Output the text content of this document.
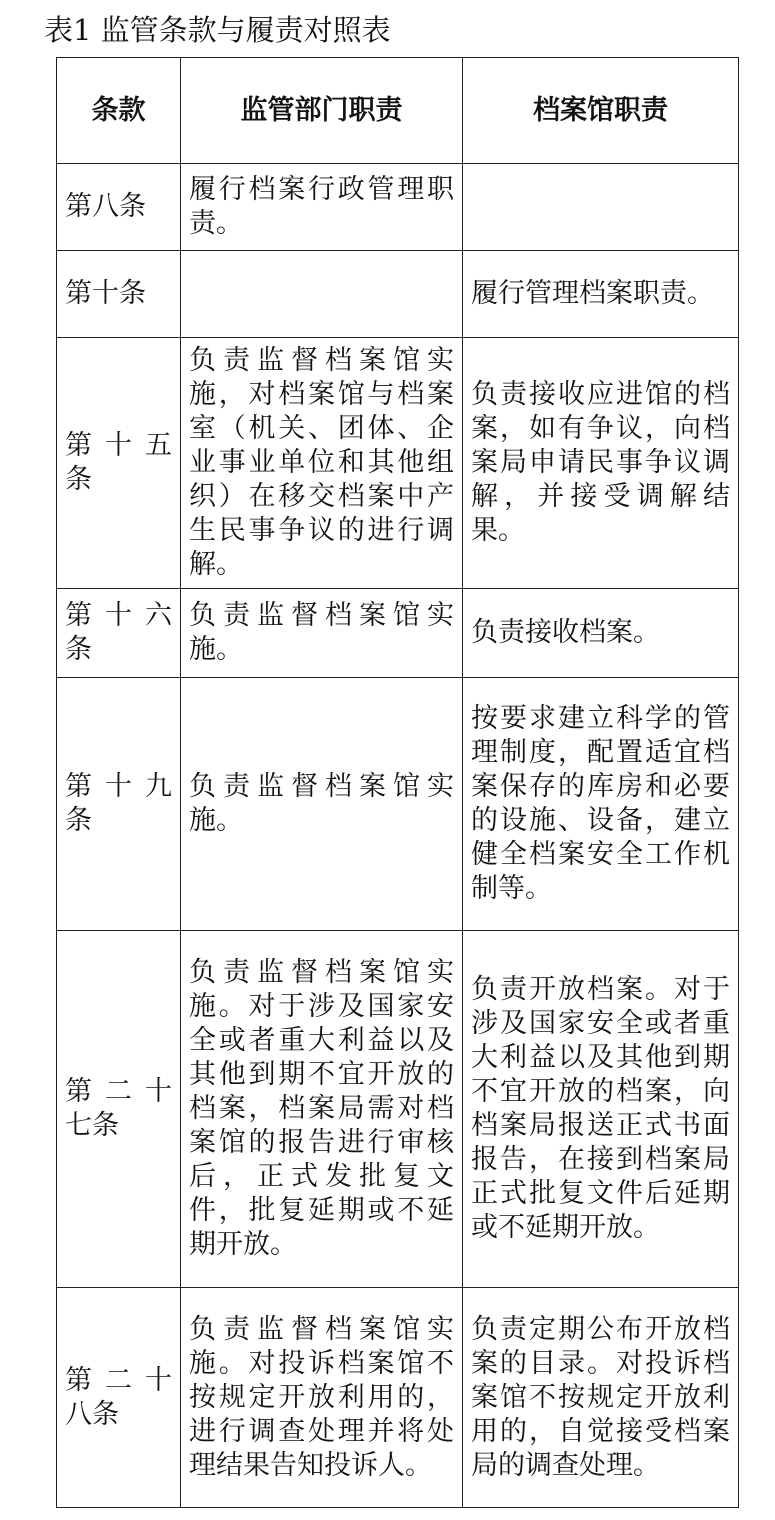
表1 监管条款与履责对照表
条款	监管部门职责	档案馆职责

第八条	履行档案行政管理职责。	

第十条		履行管理档案职责。

第十五条	负责监督档案馆实施，对档案馆与档案室（机关、团体、企业事业单位和其他组织）在移交档案中产生民事争议的进行调解。	负责接收应进馆的档案，如有争议，向档案局申请民事争议调解，并接受调解结果。

第十六条	负责监督档案馆实施。	负责接收档案。

第十九条	负责监督档案馆实施。	按要求建立科学的管理制度，配置适宜档案保存的库房和必要的设施、设备，建立健全档案安全工作机制等。

第二十七条	负责监督档案馆实施。对于涉及国家安全或者重大利益以及其他到期不宜开放的档案，档案局需对档案馆的报告进行审核后，正式发批复文件，批复延期或不延期开放。	负责开放档案。对于涉及国家安全或者重大利益以及其他到期不宜开放的档案，向档案局报送正式书面报告，在接到档案局正式批复文件后延期或不延期开放。

第二十八条	负责监督档案馆实施。对投诉档案馆不按规定开放利用的，进行调查处理并将处理结果告知投诉人。	负责定期公布开放档案的目录。对投诉档案馆不按规定开放利用的，自觉接受档案局的调查处理。
